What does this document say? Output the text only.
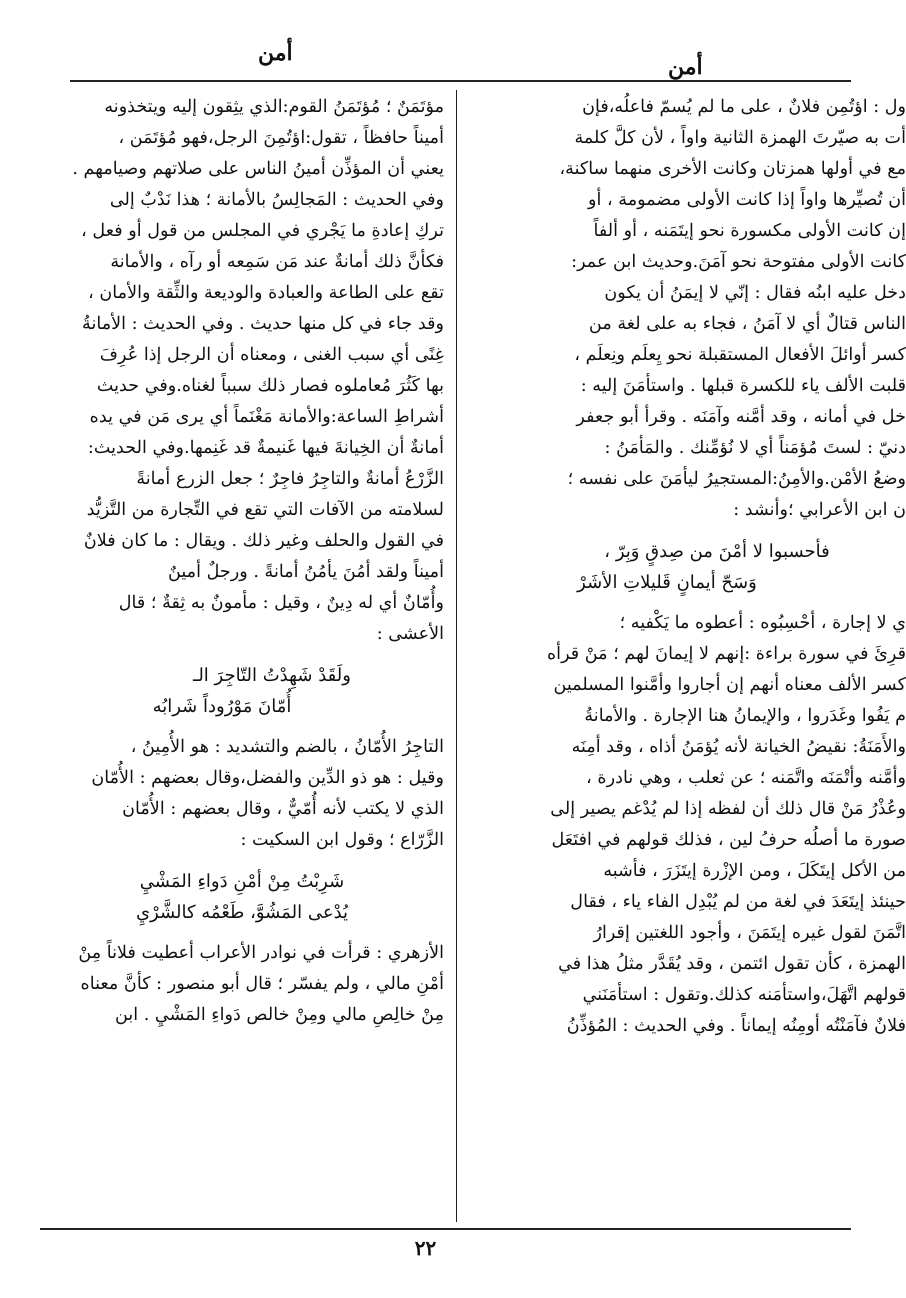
أمن
أمن
ول : اؤتُمِن فلانٌ ، على ما لم يُسمّ فاعلُه،فإن
أت به صيّرتَ الهمزة الثانية واواً ، لأن كلَّ كلمة
مع في أولها همزتان وكانت الأخرى منهما ساكنة،
أن تُصيِّرها واواً إذا كانت الأولى مضمومة ، أو
إن كانت الأولى مكسورة نحو إيتَمَنه ، أو ألفاً
كانت الأولى مفتوحة نحو آمَنَ.وحديث ابن عمر:
دخل عليه ابنُه فقال : إنّي لا إيمَنُ أن يكون
الناس قتالٌ أي لا آمَنُ ، فجاء به على لغة من
كسر أوائلَ الأفعال المستقبلة نحو يِعلَم ونِعلَم ،
قلبت الألف ياء للكسرة قبلها . واستأمَنَ إليه :
خل في أمانه ، وقد أمَّنه وآمَنَه . وقرأ أبو جعفر
دنيّ : لستَ مُؤمَناً أي لا نُؤمِّنك . والمَأمَنُ :
وضعُ الأمْن.والأمِنُ:المستجيرُ ليأمَنَ على نفسه ؛
ن ابن الأعرابي ؛وأنشد :
فأحسبوا لا أمْنَ من صِدقٍ وَبِرّ ،
وَسَحّ أيمانٍ قَليلاتِ الأشَرْ
ي لا إجارة ، أحْسِبُوه : أعطوه ما يَكْفيه ؛
قرِئَ في سورة براءة :إنهم لا إيمانَ لهم ؛ مَنْ قرأه
كسر الألف معناه أنهم إن أجاروا وأمَّنوا المسلمين
م يَفُوا وغَدَروا ، والإيمانُ هنا الإجارة . والأمانةُ
والأَمَنَةُ: نقيضُ الخيانة لأنه يُؤمَنُ أذاه ، وقد أمِنَه
وأمَّنه وأتْمَنَه واتَّمَنه ؛ عن ثعلب ، وهي نادرة ،
وعُذْرُ مَنْ قال ذلك أن لفظه إذا لم يُدْغم يصير إلى
صورة ما أصلُه حرفُ لين ، فذلك قولهم في افتَعَل
من الأكل إيتَكَلَ ، ومن الإزْرة إيتَزَرَ ، فأشبه
حينئذ إيتَعَدَ في لغة من لم يُبْدِل الفاء ياء ، فقال
اتَّمَنَ لقول غيره إيتَمَنَ ، وأجود اللغتين إقرارُ
الهمزة ، كأن تقول ائتمن ، وقد يُقَدَّر مثلُ هذا في
قولهم اتَّهَلَ،واستأمَنه كذلك.وتقول : استأمَنَني
فلانٌ فآمَنْتُه أومِنُه إيماناً . وفي الحديث : المُؤذِّنُ
مؤتَمَنٌ ؛ مُؤتَمَنُ القوم:الذي يثِقون إليه ويتخذونه
أميناً حافظاً ، تقول:اؤتُمِنَ الرجل،فهو مُؤتَمَن ،
يعني أن المؤذِّن أمينُ الناس على صلاتهم وصيامهم .
وفي الحديث : المَجالِسُ بالأمانة ؛ هذا نَدْبٌ إلى
تركِ إعادةِ ما يَجْري في المجلس من قول أو فعل ،
فكأنَّ ذلك أمانةٌ عند مَن سَمِعه أو رآه ، والأمانة
تقع على الطاعة والعبادة والوديعة والثِّقة والأمان ،
وقد جاء في كل منها حديث . وفي الحديث : الأمانةُ
غِنًى أي سبب الغنى ، ومعناه أن الرجل إذا عُرِفَ
بها كَثُرَ مُعاملوه فصار ذلك سبباً لغناه.وفي حديث
أشراطِ الساعة:والأمانة مَغْنَماً أي يرى مَن في يده
أمانةٌ أن الخِيانةَ فيها غَنيمةٌ قد غَنِمها.وفي الحديث:
الزَّرْعُ أمانةٌ والتاجِرُ فاجِرٌ ؛ جعل الزرع أمانةً
لسلامته من الآفات التي تقع في التِّجارة من التَّزيُّد
في القول والحلف وغير ذلك . ويقال : ما كان فلانٌ
أميناً ولقد أمُنَ يأمُنُ أمانةً . ورجلٌ أمينٌ
وأُمّانٌ أي له دِينٌ ، وقيل : مأمونٌ به ثِقةٌ ؛ قال
الأعشى :
ولَقَدْ شَهِدْتُ التّاجِرَ الـ
أُمّانَ مَوْرُوداً شَرابُه
التاجِرُ الأُمّانُ ، بالضم والتشديد : هو الأُمِينُ ،
وقيل : هو ذو الدِّين والفضل،وقال بعضهم : الأُمّان
الذي لا يكتب لأنه أُمّيٌّ ، وقال بعضهم : الأُمّان
الزَّرّاع ؛ وقول ابن السكيت :
شَرِبْتُ مِنْ أمْنِ دَواءِ المَشْيِ
يُدْعى المَشُوَّ، طَعْمُه كالشَّرْيِ
الأزهري : قرأت في نوادر الأعراب أعطيت فلاناً مِنْ
أمْنِ مالي ، ولم يفسّر ؛ قال أبو منصور : كأنَّ معناه
مِنْ خالِصِ مالي ومِنْ خالص دَواءِ المَشْيِ . ابن
٢٢
